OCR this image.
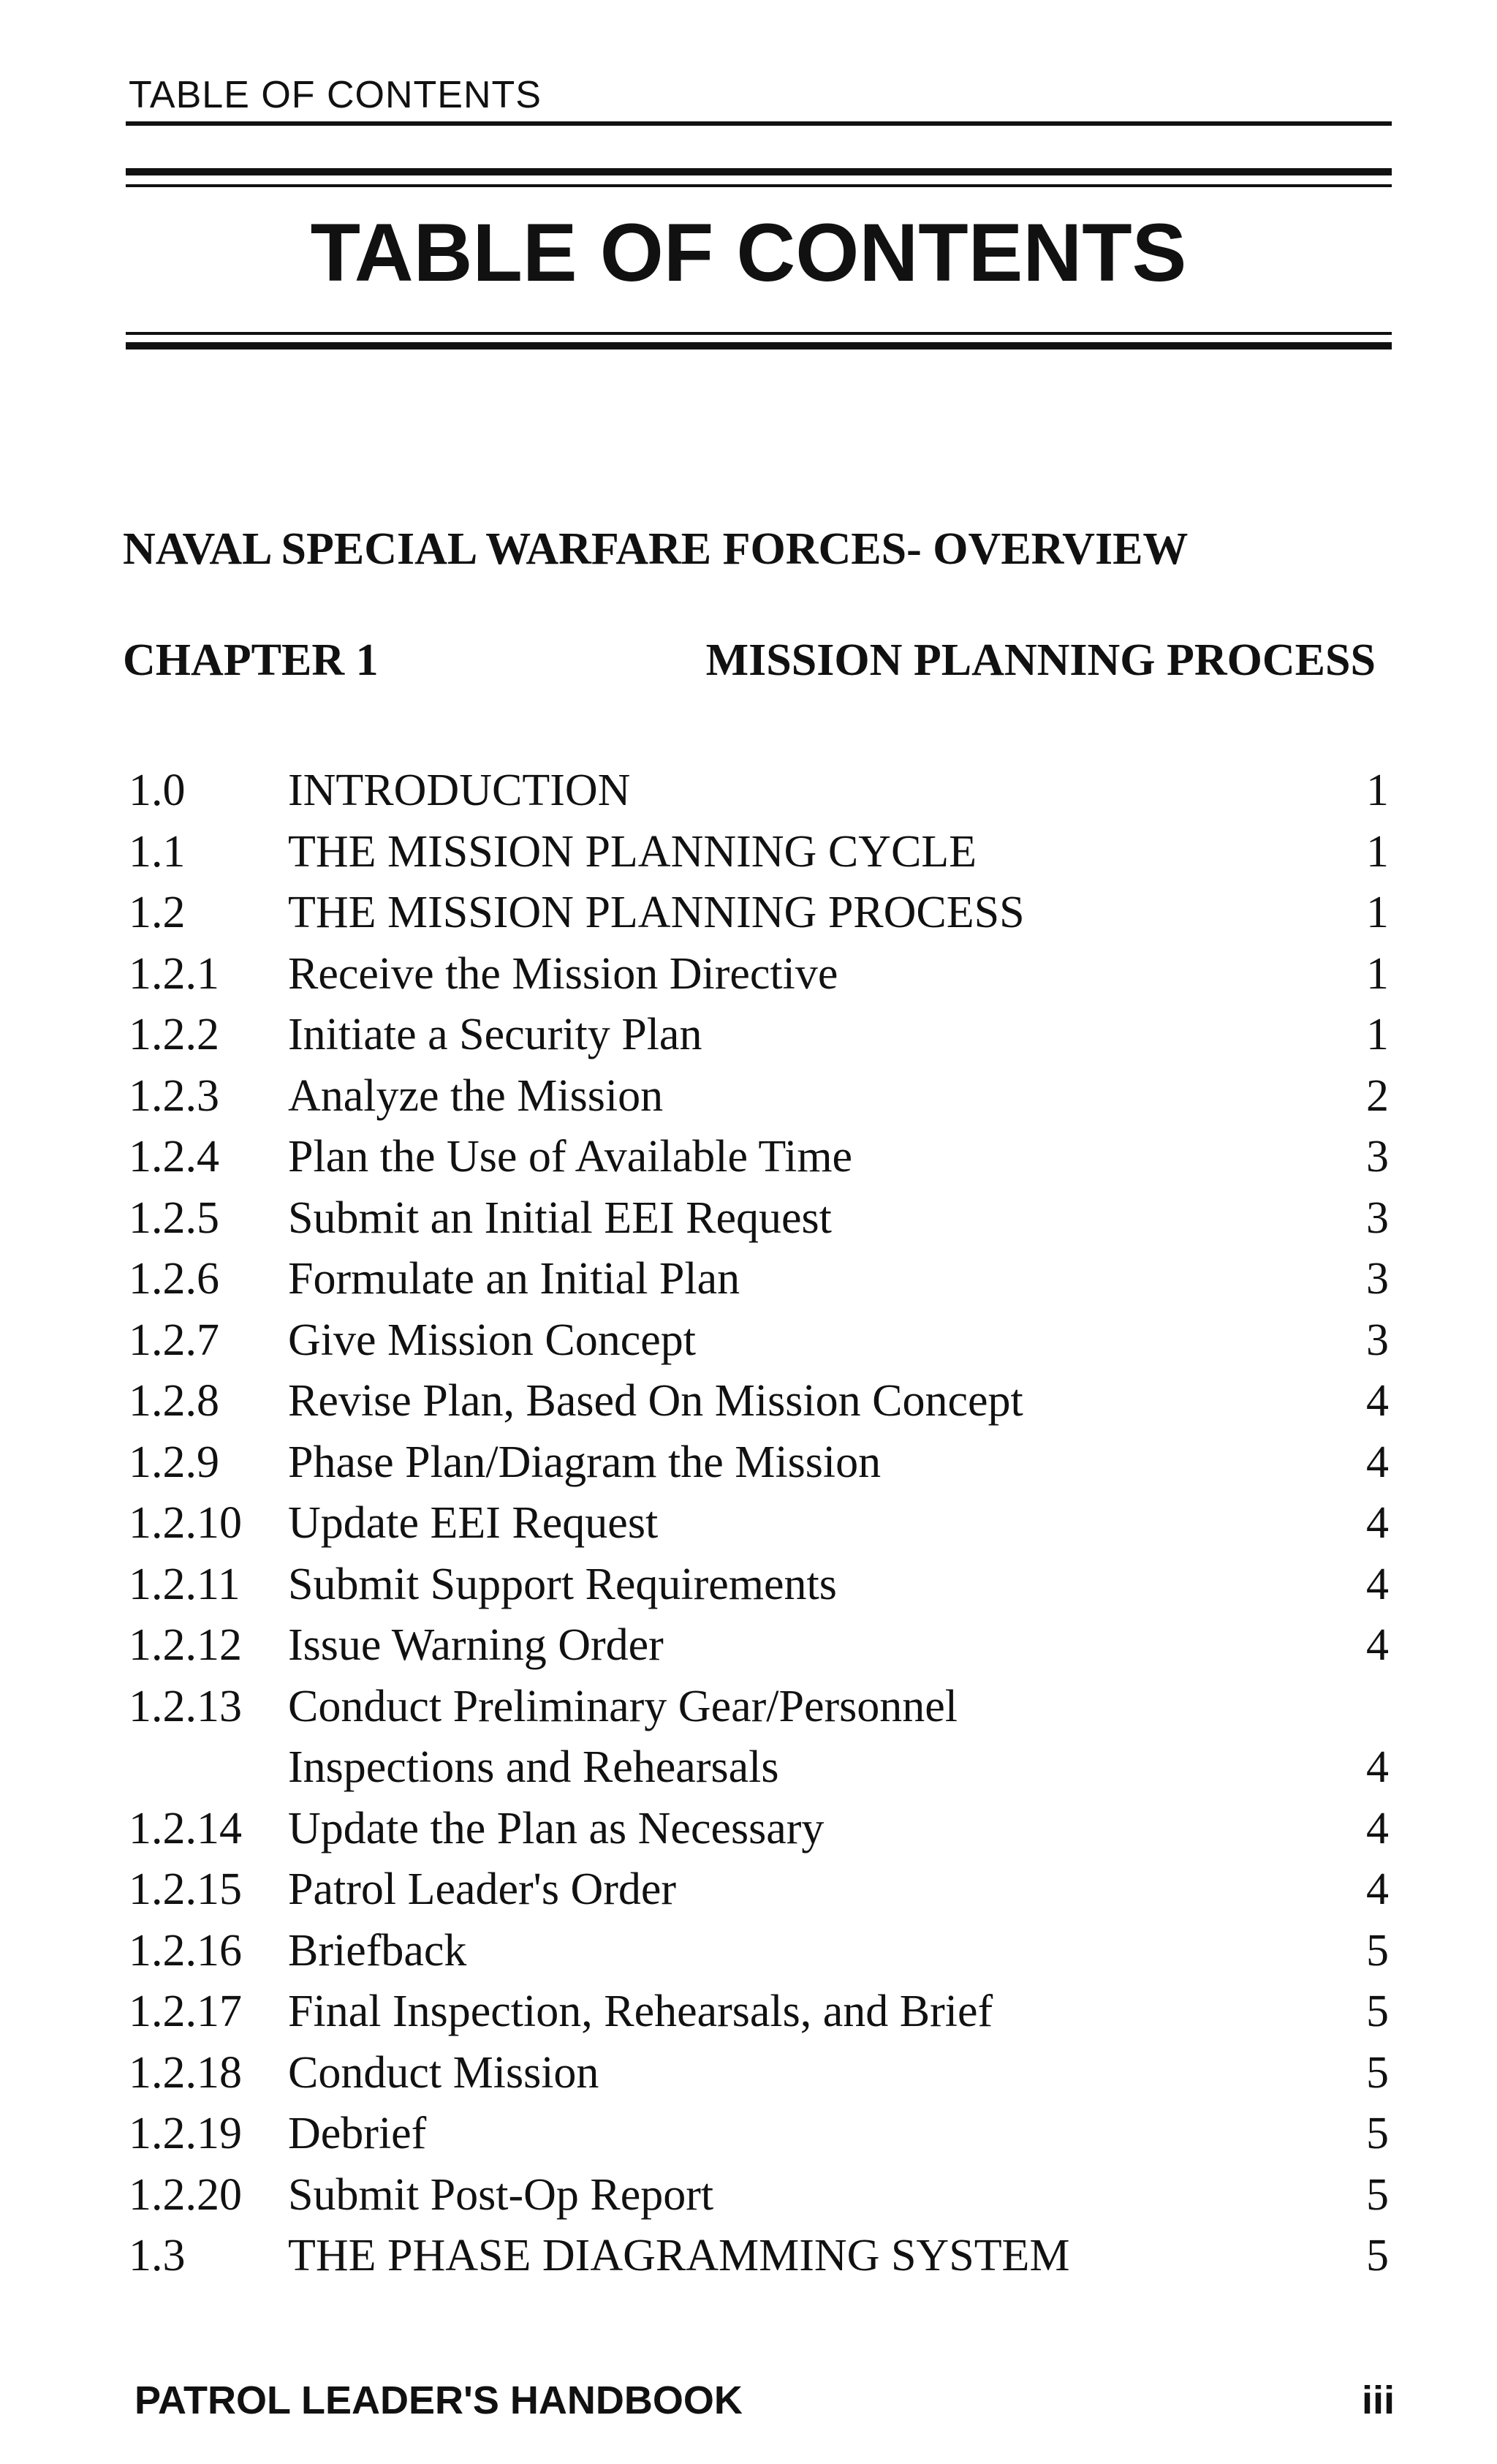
TABLE OF CONTENTS
TABLE OF CONTENTS
NAVAL SPECIAL WARFARE FORCES- OVERVIEW
CHAPTER 1	MISSION PLANNING PROCESS
1.0 INTRODUCTION	1
1.1 THE MISSION PLANNING CYCLE	1
1.2 THE MISSION PLANNING PROCESS	1
1.2.1 Receive the Mission Directive	1
1.2.2 Initiate a Security Plan	1
1.2.3 Analyze the Mission	2
1.2.4 Plan the Use of Available Time	3
1.2.5 Submit an Initial EEI Request	3
1.2.6 Formulate an Initial Plan	3
1.2.7 Give Mission Concept	3
1.2.8 Revise Plan, Based On Mission Concept	4
1.2.9 Phase Plan/Diagram the Mission	4
1.2.10 Update EEI Request	4
1.2.11 Submit Support Requirements	4
1.2.12 Issue Warning Order	4
1.2.13 Conduct Preliminary Gear/Personnel Inspections and Rehearsals	4
1.2.14 Update the Plan as Necessary	4
1.2.15 Patrol Leader's Order	4
1.2.16 Briefback	5
1.2.17 Final Inspection, Rehearsals, and Brief	5
1.2.18 Conduct Mission	5
1.2.19 Debrief	5
1.2.20 Submit Post-Op Report	5
1.3 THE PHASE DIAGRAMMING SYSTEM	5
PATROL LEADER'S HANDBOOK	iii
